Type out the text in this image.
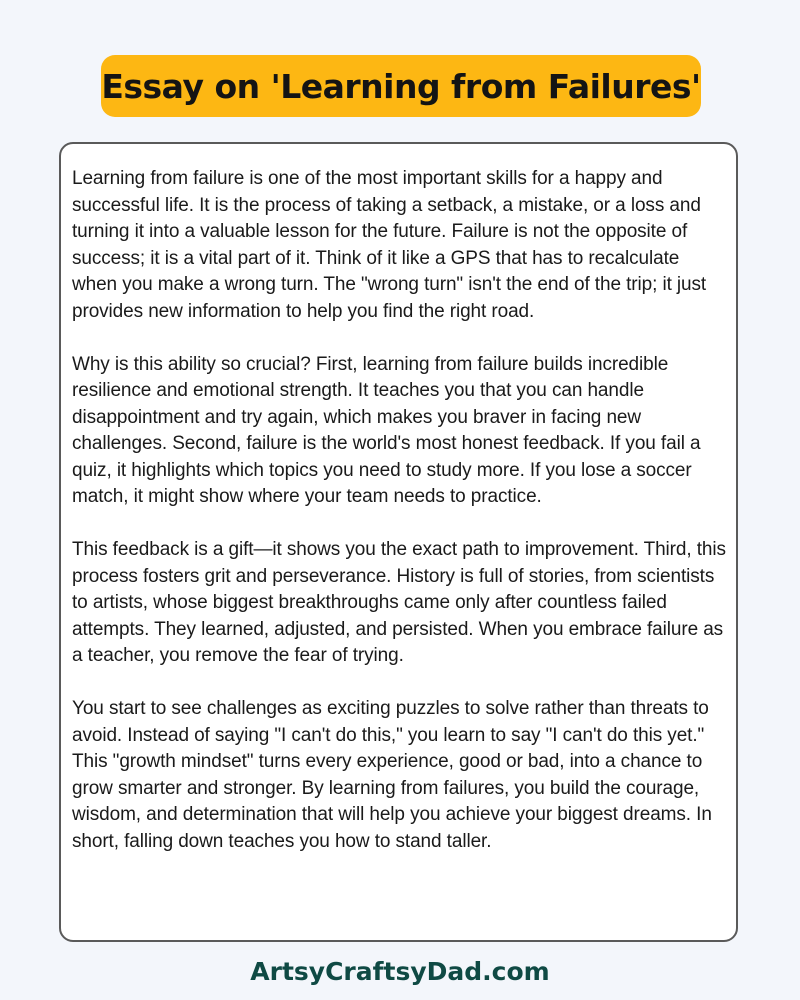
Essay on 'Learning from Failures'

Learning from failure is one of the most important skills for a happy and successful life. It is the process of taking a setback, a mistake, or a loss and turning it into a valuable lesson for the future. Failure is not the opposite of success; it is a vital part of it. Think of it like a GPS that has to recalculate when you make a wrong turn. The "wrong turn" isn't the end of the trip; it just provides new information to help you find the right road.

Why is this ability so crucial? First, learning from failure builds incredible resilience and emotional strength. It teaches you that you can handle disappointment and try again, which makes you braver in facing new challenges. Second, failure is the world's most honest feedback. If you fail a quiz, it highlights which topics you need to study more. If you lose a soccer match, it might show where your team needs to practice.

This feedback is a gift—it shows you the exact path to improvement. Third, this process fosters grit and perseverance. History is full of stories, from scientists to artists, whose biggest breakthroughs came only after countless failed attempts. They learned, adjusted, and persisted. When you embrace failure as a teacher, you remove the fear of trying.

You start to see challenges as exciting puzzles to solve rather than threats to avoid. Instead of saying "I can't do this," you learn to say "I can't do this yet." This "growth mindset" turns every experience, good or bad, into a chance to grow smarter and stronger. By learning from failures, you build the courage, wisdom, and determination that will help you achieve your biggest dreams. In short, falling down teaches you how to stand taller.

ArtsyCraftsyDad.com
